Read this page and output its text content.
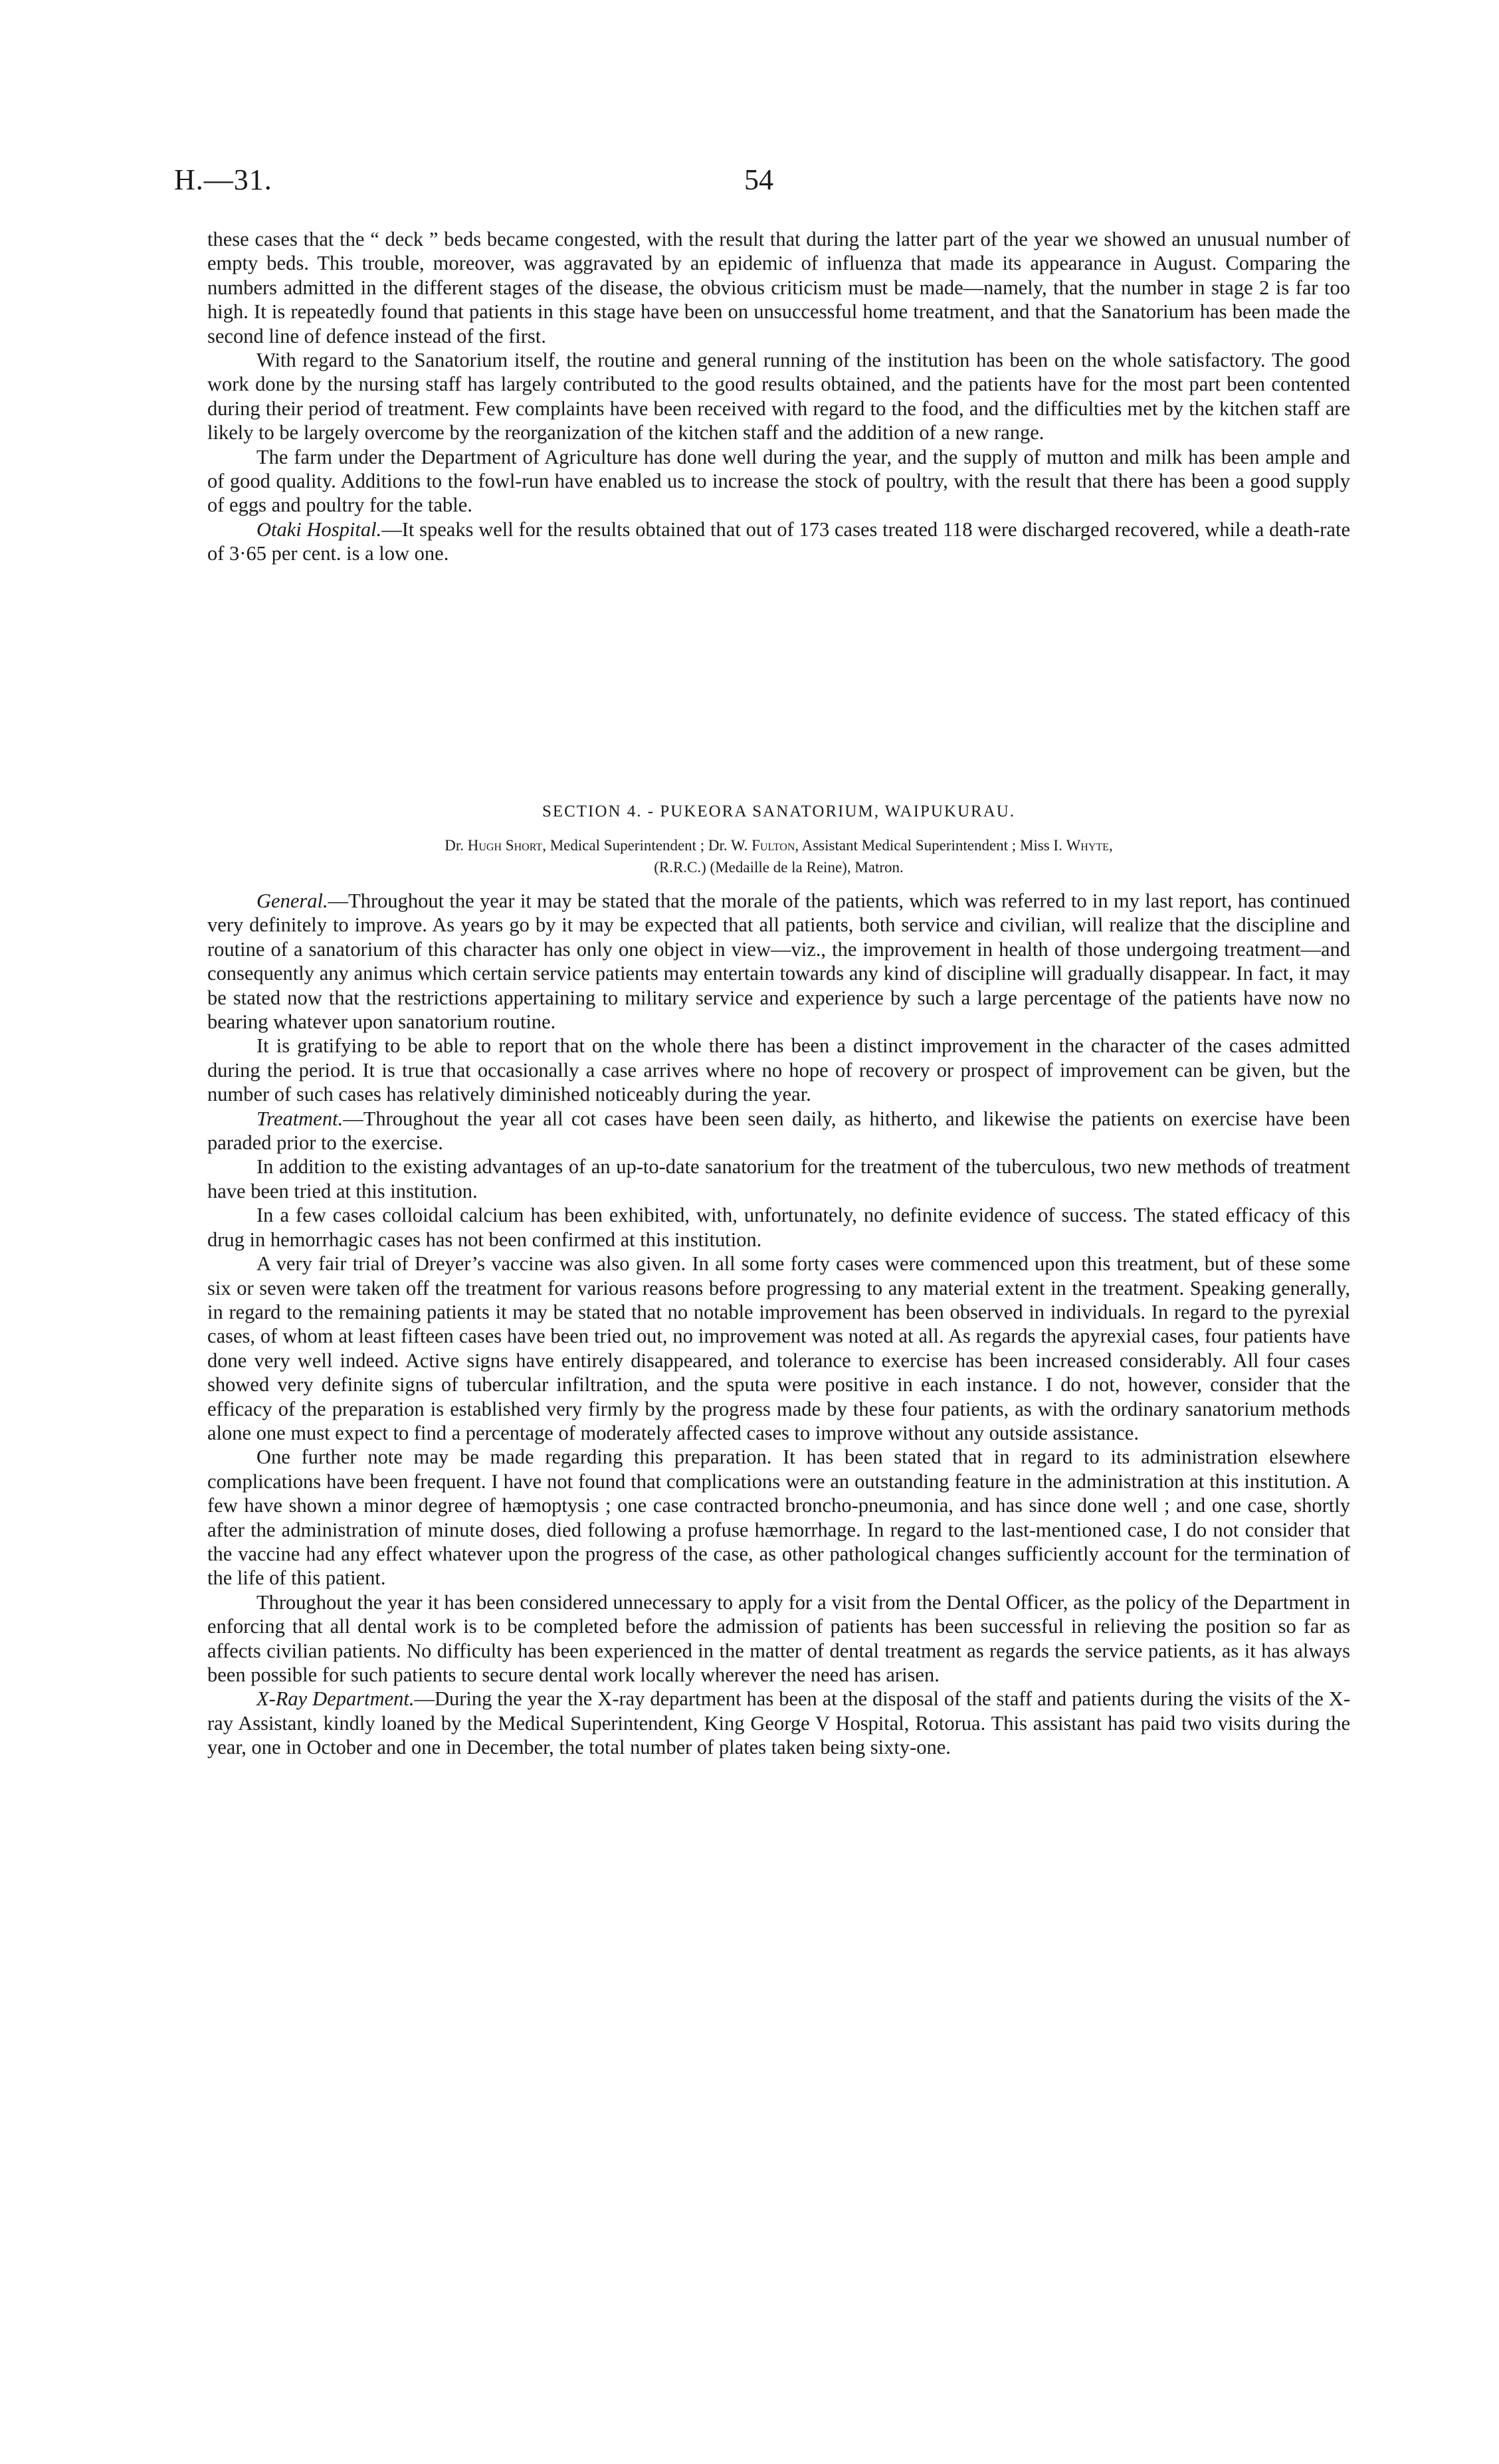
H.—31.	54

these cases that the “ deck ” beds became congested, with the result that during the latter part of the year we showed an unusual number of empty beds. This trouble, moreover, was aggravated by an epidemic of influenza that made its appearance in August. Comparing the numbers admitted in the different stages of the disease, the obvious criticism must be made—namely, that the number in stage 2 is far too high. It is repeatedly found that patients in this stage have been on unsuccessful home treatment, and that the Sanatorium has been made the second line of defence instead of the first.

With regard to the Sanatorium itself, the routine and general running of the institution has been on the whole satisfactory. The good work done by the nursing staff has largely contributed to the good results obtained, and the patients have for the most part been contented during their period of treatment. Few complaints have been received with regard to the food, and the difficulties met by the kitchen staff are likely to be largely overcome by the reorganization of the kitchen staff and the addition of a new range.

The farm under the Department of Agriculture has done well during the year, and the supply of mutton and milk has been ample and of good quality. Additions to the fowl-run have enabled us to increase the stock of poultry, with the result that there has been a good supply of eggs and poultry for the table.

Otaki Hospital.—It speaks well for the results obtained that out of 173 cases treated 118 were discharged recovered, while a death-rate of 3·65 per cent. is a low one.

SECTION 4. - PUKEORA SANATORIUM, WAIPUKURAU.
Dr. Hugh Short, Medical Superintendent ; Dr. W. Fulton, Assistant Medical Superintendent ; Miss I. Whyte,
(R.R.C.) (Medaille de la Reine), Matron.

General.—Throughout the year it may be stated that the morale of the patients, which was referred to in my last report, has continued very definitely to improve. As years go by it may be expected that all patients, both service and civilian, will realize that the discipline and routine of a sanatorium of this character has only one object in view—viz., the improvement in health of those undergoing treatment—and consequently any animus which certain service patients may entertain towards any kind of discipline will gradually disappear. In fact, it may be stated now that the restrictions appertaining to military service and experience by such a large percentage of the patients have now no bearing whatever upon sanatorium routine.

It is gratifying to be able to report that on the whole there has been a distinct improvement in the character of the cases admitted during the period. It is true that occasionally a case arrives where no hope of recovery or prospect of improvement can be given, but the number of such cases has relatively diminished noticeably during the year.

Treatment.—Throughout the year all cot cases have been seen daily, as hitherto, and likewise the patients on exercise have been paraded prior to the exercise.

In addition to the existing advantages of an up-to-date sanatorium for the treatment of the tuberculous, two new methods of treatment have been tried at this institution.

In a few cases colloidal calcium has been exhibited, with, unfortunately, no definite evidence of success. The stated efficacy of this drug in hemorrhagic cases has not been confirmed at this institution.

A very fair trial of Dreyer’s vaccine was also given. In all some forty cases were commenced upon this treatment, but of these some six or seven were taken off the treatment for various reasons before progressing to any material extent in the treatment. Speaking generally, in regard to the remaining patients it may be stated that no notable improvement has been observed in individuals. In regard to the pyrexial cases, of whom at least fifteen cases have been tried out, no improvement was noted at all. As regards the apyrexial cases, four patients have done very well indeed. Active signs have entirely disappeared, and tolerance to exercise has been increased considerably. All four cases showed very definite signs of tubercular infiltration, and the sputa were positive in each instance. I do not, however, consider that the efficacy of the preparation is established very firmly by the progress made by these four patients, as with the ordinary sanatorium methods alone one must expect to find a percentage of moderately affected cases to improve without any outside assistance.

One further note may be made regarding this preparation. It has been stated that in regard to its administration elsewhere complications have been frequent. I have not found that complications were an outstanding feature in the administration at this institution. A few have shown a minor degree of hæmoptysis ; one case contracted broncho-pneumonia, and has since done well ; and one case, shortly after the administration of minute doses, died following a profuse hæmorrhage. In regard to the last-mentioned case, I do not consider that the vaccine had any effect whatever upon the progress of the case, as other pathological changes sufficiently account for the termination of the life of this patient.

Throughout the year it has been considered unnecessary to apply for a visit from the Dental Officer, as the policy of the Department in enforcing that all dental work is to be completed before the admission of patients has been successful in relieving the position so far as affects civilian patients. No difficulty has been experienced in the matter of dental treatment as regards the service patients, as it has always been possible for such patients to secure dental work locally wherever the need has arisen.

X-Ray Department.—During the year the X-ray department has been at the disposal of the staff and patients during the visits of the X-ray Assistant, kindly loaned by the Medical Superintendent, King George V Hospital, Rotorua. This assistant has paid two visits during the year, one in October and one in December, the total number of plates taken being sixty-one.
